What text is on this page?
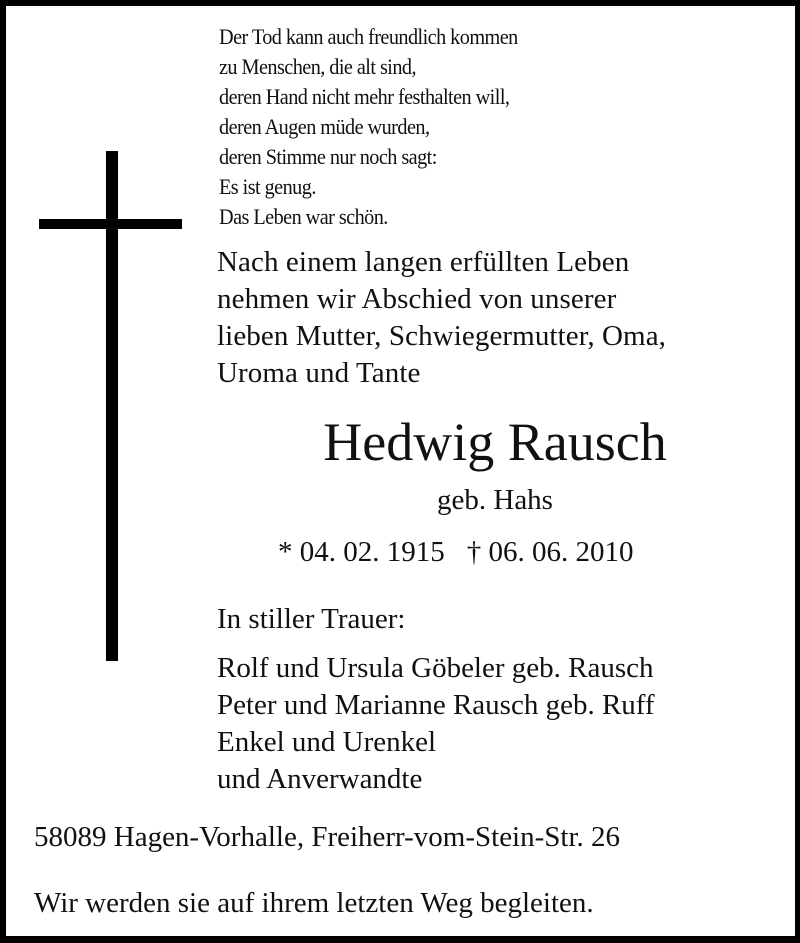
Der Tod kann auch freundlich kommen
zu Menschen, die alt sind,
deren Hand nicht mehr festhalten will,
deren Augen müde wurden,
deren Stimme nur noch sagt:
Es ist genug.
Das Leben war schön.
Nach einem langen erfüllten Leben
nehmen wir Abschied von unserer
lieben Mutter, Schwiegermutter, Oma,
Uroma und Tante
Hedwig Rausch
geb. Hahs
* 04. 02. 1915 † 06. 06. 2010
In stiller Trauer:
Rolf und Ursula Göbeler geb. Rausch
Peter und Marianne Rausch geb. Ruff
Enkel und Urenkel
und Anverwandte
58089 Hagen-Vorhalle, Freiherr-vom-Stein-Str. 26
Wir werden sie auf ihrem letzten Weg begleiten.
